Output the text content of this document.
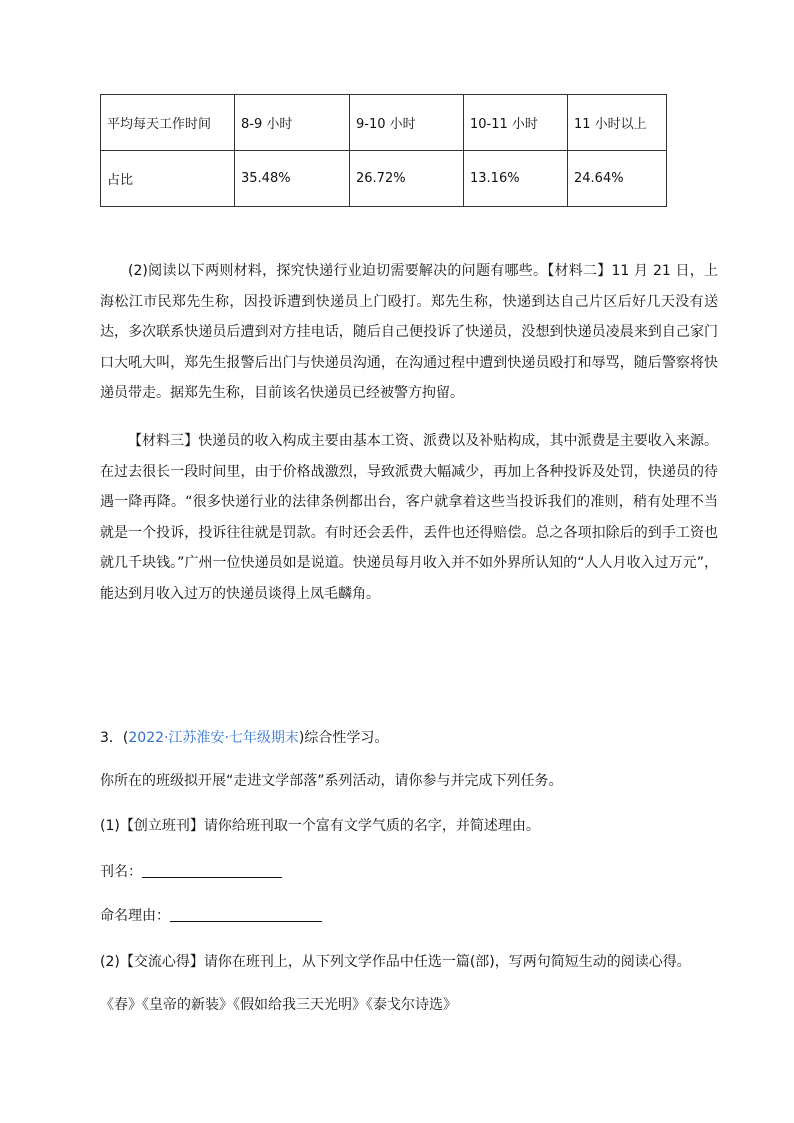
平均每天工作时间	8-9 小时	9-10 小时	10-11 小时	11 小时以上
占比	35.48%	26.72%	13.16%	24.64%

(2)阅读以下两则材料，探究快递行业迫切需要解决的问题有哪些。【材料二】11 月 21 日，上海松江市民郑先生称，因投诉遭到快递员上门殴打。郑先生称，快递到达自己片区后好几天没有送达，多次联系快递员后遭到对方挂电话，随后自己便投诉了快递员，没想到快递员凌晨来到自己家门口大吼大叫，郑先生报警后出门与快递员沟通，在沟通过程中遭到快递员殴打和辱骂，随后警察将快递员带走。据郑先生称，目前该名快递员已经被警方拘留。

【材料三】快递员的收入构成主要由基本工资、派费以及补贴构成，其中派费是主要收入来源。在过去很长一段时间里，由于价格战激烈，导致派费大幅减少，再加上各种投诉及处罚，快递员的待遇一降再降。“很多快递行业的法律条例都出台，客户就拿着这些当投诉我们的准则，稍有处理不当就是一个投诉，投诉往往就是罚款。有时还会丢件，丢件也还得赔偿。总之各项扣除后的到手工资也就几千块钱。”广州一位快递员如是说道。快递员每月收入并不如外界所认知的“人人月收入过万元”，能达到月收入过万的快递员谈得上凤毛麟角。

3．(2022·江苏淮安·七年级期末)综合性学习。
你所在的班级拟开展“走进文学部落”系列活动，请你参与并完成下列任务。
(1)【创立班刊】请你给班刊取一个富有文学气质的名字，并简述理由。
刊名：
命名理由：
(2)【交流心得】请你在班刊上，从下列文学作品中任选一篇(部)，写两句简短生动的阅读心得。
《春》《皇帝的新装》《假如给我三天光明》《泰戈尔诗选》
